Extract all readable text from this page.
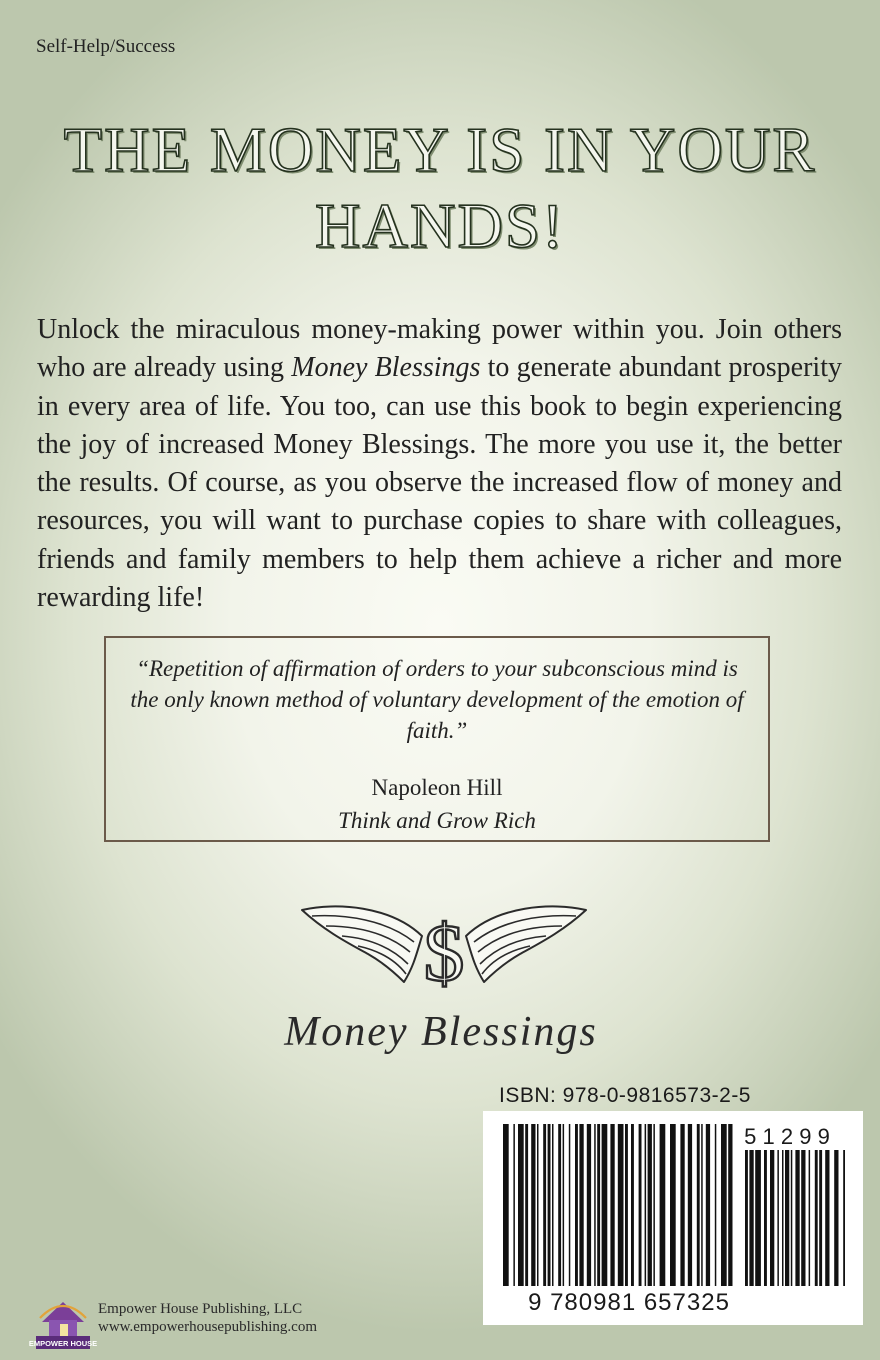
Self-Help/Success
THE MONEY IS IN YOUR HANDS!
Unlock the miraculous money-making power within you. Join others who are already using Money Blessings to generate abundant prosperity in every area of life. You too, can use this book to begin experiencing the joy of increased Money Blessings. The more you use it, the better the results. Of course, as you observe the increased flow of money and resources, you will want to purchase copies to share with colleagues, friends and family members to help them achieve a richer and more rewarding life!
“Repetition of affirmation of orders to your subconscious mind is the only known method of voluntary development of the emotion of faith.”
Napoleon Hill
Think and Grow Rich
$
Money Blessings
ISBN: 978-0-9816573-2-5
5 1 2 9 9
9 780981 657325
EMPOWER HOUSE
Empower House Publishing, LLC
www.empowerhousepublishing.com
